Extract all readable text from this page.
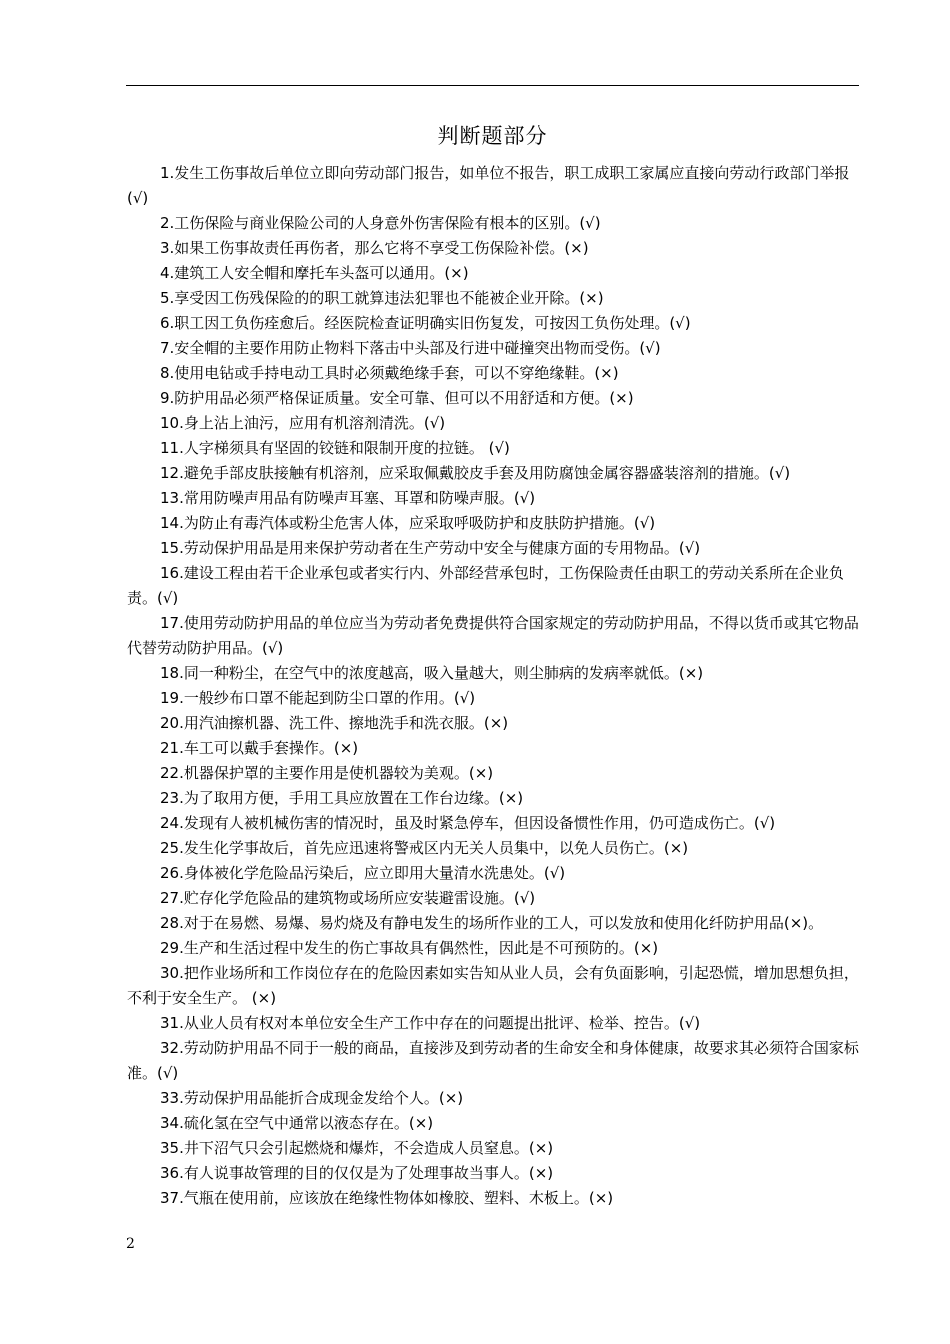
判断题部分

1.发生工伤事故后单位立即向劳动部门报告，如单位不报告，职工成职工家属应直接向劳动行政部门举报 (√)

2.工伤保险与商业保险公司的人身意外伤害保险有根本的区别。(√)

3.如果工伤事故责任再伤者，那么它将不享受工伤保险补偿。(×)

4.建筑工人安全帽和摩托车头盔可以通用。(×)

5.享受因工伤残保险的的职工就算违法犯罪也不能被企业开除。(×)

6.职工因工负伤痊愈后。经医院检查证明确实旧伤复发，可按因工负伤处理。(√)

7.安全帽的主要作用防止物料下落击中头部及行进中碰撞突出物而受伤。(√)

8.使用电钻或手持电动工具时必须戴绝缘手套，可以不穿绝缘鞋。(×)

9.防护用品必须严格保证质量。安全可靠、但可以不用舒适和方便。(×)

10.身上沾上油污，应用有机溶剂清洗。(√)

11.人字梯须具有坚固的铰链和限制开度的拉链。 (√)

12.避免手部皮肤接触有机溶剂，应采取佩戴胶皮手套及用防腐蚀金属容器盛装溶剂的措施。(√)

13.常用防噪声用品有防噪声耳塞、耳罩和防噪声服。(√)

14.为防止有毒汽体或粉尘危害人体，应采取呼吸防护和皮肤防护措施。(√)

15.劳动保护用品是用来保护劳动者在生产劳动中安全与健康方面的专用物品。(√)

16.建设工程由若干企业承包或者实行内、外部经营承包时，工伤保险责任由职工的劳动关系所在企业负责。(√)

17.使用劳动防护用品的单位应当为劳动者免费提供符合国家规定的劳动防护用品，不得以货币或其它物品代替劳动防护用品。(√)

18.同一种粉尘，在空气中的浓度越高，吸入量越大，则尘肺病的发病率就低。(×)

19.一般纱布口罩不能起到防尘口罩的作用。(√)

20.用汽油擦机器、洗工件、擦地洗手和洗衣服。(×)

21.车工可以戴手套操作。(×)

22.机器保护罩的主要作用是使机器较为美观。(×)

23.为了取用方便，手用工具应放置在工作台边缘。(×)

24.发现有人被机械伤害的情况时，虽及时紧急停车，但因设备惯性作用，仍可造成伤亡。(√)

25.发生化学事故后，首先应迅速将警戒区内无关人员集中，以免人员伤亡。(×)

26.身体被化学危险品污染后，应立即用大量清水洗患处。(√)

27.贮存化学危险品的建筑物或场所应安装避雷设施。(√)

28.对于在易燃、易爆、易灼烧及有静电发生的场所作业的工人，可以发放和使用化纤防护用品(×)。

29.生产和生活过程中发生的伤亡事故具有偶然性，因此是不可预防的。(×)

30.把作业场所和工作岗位存在的危险因素如实告知从业人员，会有负面影响，引起恐慌，增加思想负担，不利于安全生产。 (×)

31.从业人员有权对本单位安全生产工作中存在的问题提出批评、检举、控告。(√)

32.劳动防护用品不同于一般的商品，直接涉及到劳动者的生命安全和身体健康，故要求其必须符合国家标准。(√)

33.劳动保护用品能折合成现金发给个人。(×)

34.硫化氢在空气中通常以液态存在。(×)

35.井下沼气只会引起燃烧和爆炸，不会造成人员窒息。(×)

36.有人说事故管理的目的仅仅是为了处理事故当事人。(×)

37.气瓶在使用前，应该放在绝缘性物体如橡胶、塑料、木板上。(×)

2
